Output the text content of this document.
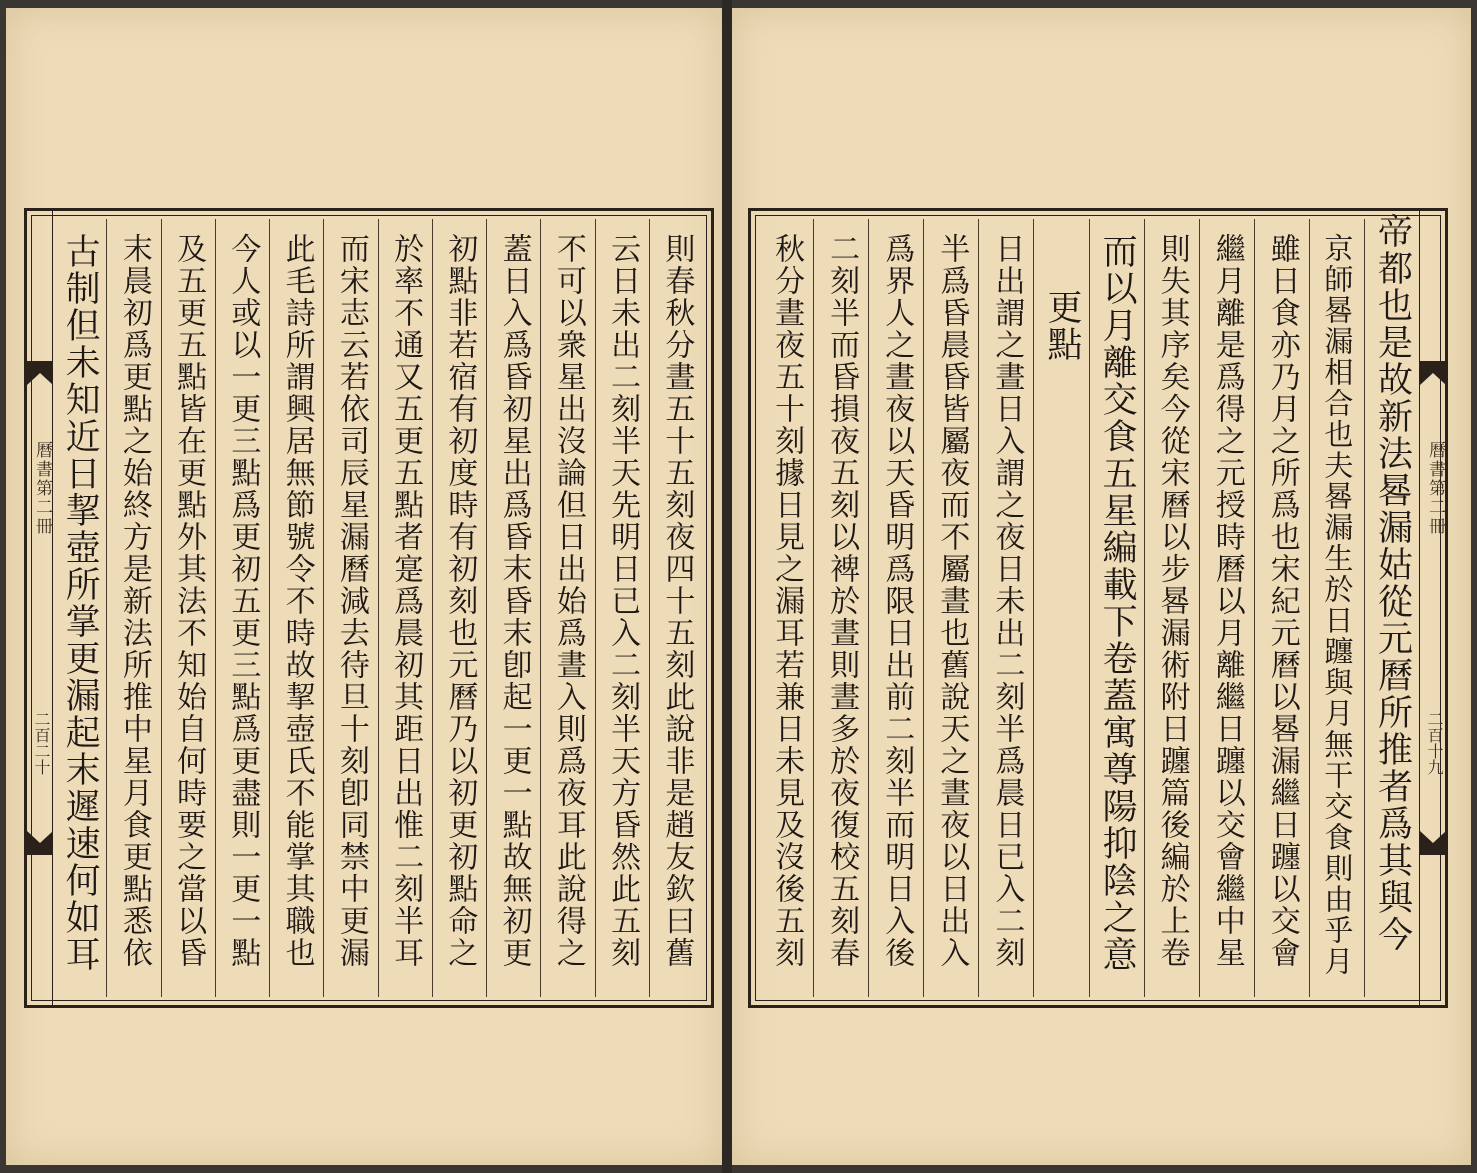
帝都也是故新法晷漏姑從元曆所推者爲其與今
京師晷漏相合也夫晷漏生於日躔與月無干交食則由乎月
雖日食亦乃月之所爲也宋紀元曆以晷漏繼日躔以交會
繼月離是爲得之元授時曆以月離繼日躔以交會繼中星
則失其序矣今從宋曆以步晷漏術附日躔篇後編於上卷
而以月離交食五星編載下卷蓋寓尊陽抑陰之意
更點
日出謂之晝日入謂之夜日未出二刻半爲晨日已入二刻
半爲昏晨昏皆屬夜而不屬晝也舊說天之晝夜以日出入
爲界人之晝夜以天昏明爲限日出前二刻半而明日入後
二刻半而昏損夜五刻以裨於晝則晝多於夜復校五刻春
秋分晝夜五十刻據日見之漏耳若兼日未見及沒後五刻	曆書第二冊
二百十九
曆書第二冊
二百二十	則春秋分晝五十五刻夜四十五刻此說非是趙友欽曰舊
云日未出二刻半天先明日已入二刻半天方昏然此五刻
不可以衆星出沒論但日出始爲晝入則爲夜耳此說得之
蓋日入爲昏初星出爲昏末昏末卽起一更一點故無初更
初點非若宿有初度時有初刻也元曆乃以初更初點命之
於率不通又五更五點者寔爲晨初其距日出惟二刻半耳
而宋志云若依司辰星漏曆減去待旦十刻卽同禁中更漏
此毛詩所謂興居無節號令不時故挈壺氏不能掌其職也
今人或以一更三點爲更初五更三點爲更盡則一更一點
及五更五點皆在更點外其法不知始自何時要之當以昏
末晨初爲更點之始終方是新法所推中星月食更點悉依
古制但未知近日挈壺所掌更漏起末遲速何如耳
